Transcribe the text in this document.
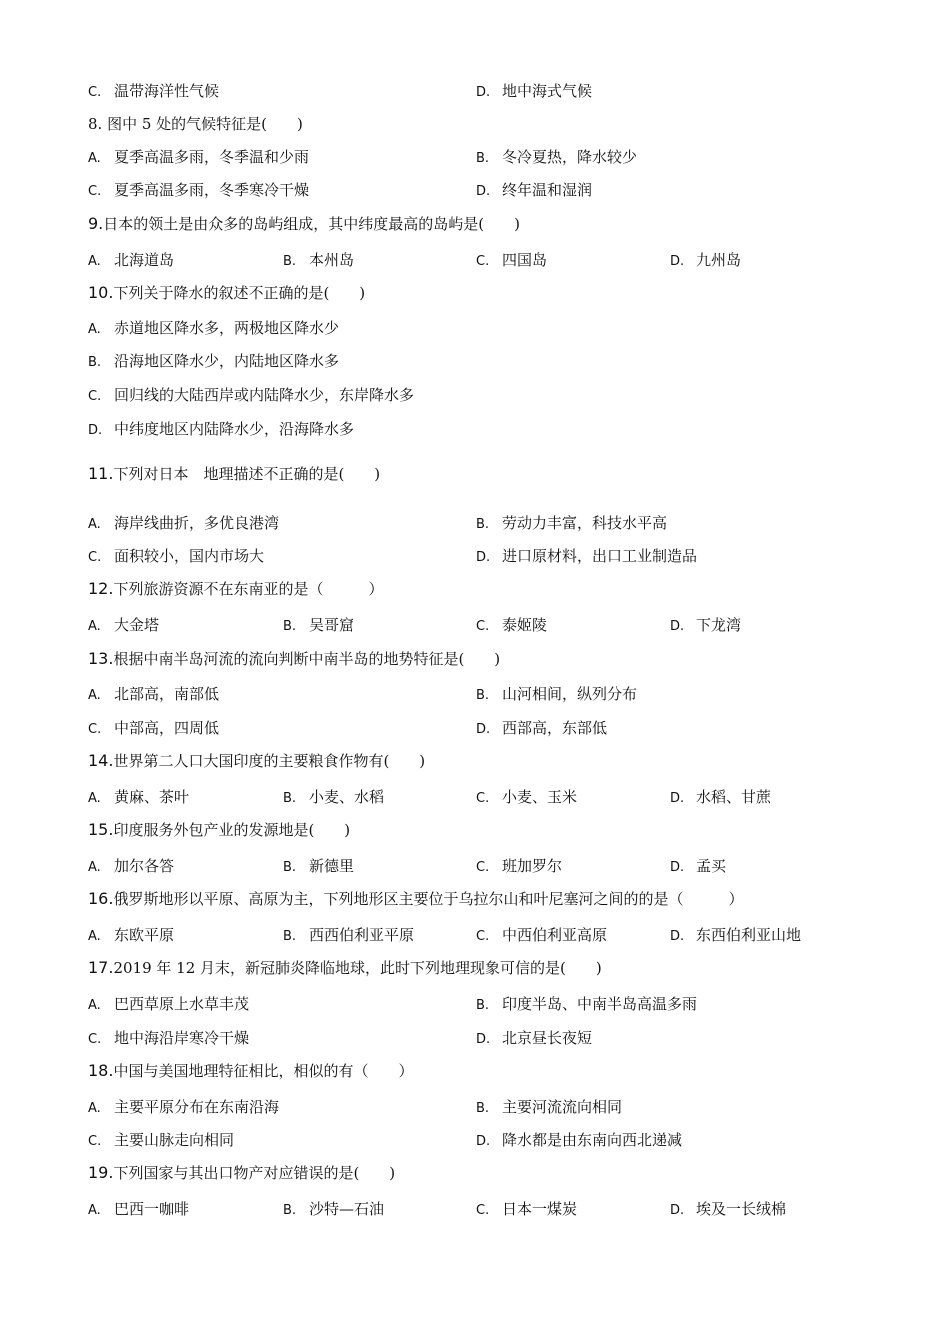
C. 温带海洋性气候	D. 地中海式气候
8. 图中 5 处的气候特征是(　　)
A. 夏季高温多雨，冬季温和少雨	B. 冬冷夏热，降水较少
C. 夏季高温多雨，冬季寒冷干燥	D. 终年温和湿润
9.日本的领土是由众多的岛屿组成，其中纬度最高的岛屿是(　　)
A. 北海道岛	B. 本州岛	C. 四国岛	D. 九州岛
10.下列关于降水的叙述不正确的是(　　)
A. 赤道地区降水多，两极地区降水少
B. 沿海地区降水少，内陆地区降水多
C. 回归线的大陆西岸或内陆降水少，东岸降水多
D. 中纬度地区内陆降水少，沿海降水多
11.下列对日本　地理描述不正确的是(　　)
A. 海岸线曲折，多优良港湾	B. 劳动力丰富，科技水平高
C. 面积较小，国内市场大	D. 进口原材料，出口工业制造品
12.下列旅游资源不在东南亚的是（　　　）
A. 大金塔	B. 吴哥窟	C. 泰姬陵	D. 下龙湾
13.根据中南半岛河流的流向判断中南半岛的地势特征是(　　)
A. 北部高，南部低	B. 山河相间，纵列分布
C. 中部高，四周低	D. 西部高，东部低
14.世界第二人口大国印度的主要粮食作物有(　　)
A. 黄麻、茶叶	B. 小麦、水稻	C. 小麦、玉米	D. 水稻、甘蔗
15.印度服务外包产业的发源地是(　　)
A. 加尔各答	B. 新德里	C. 班加罗尔	D. 孟买
16.俄罗斯地形以平原、高原为主，下列地形区主要位于乌拉尔山和叶尼塞河之间的的是（　　　）
A. 东欧平原	B. 西西伯利亚平原	C. 中西伯利亚高原	D. 东西伯利亚山地
17.2019 年 12 月末，新冠肺炎降临地球，此时下列地理现象可信的是(　　)
A. 巴西草原上水草丰茂	B. 印度半岛、中南半岛高温多雨
C. 地中海沿岸寒冷干燥	D. 北京昼长夜短
18.中国与美国地理特征相比，相似的有（　　）
A. 主要平原分布在东南沿海	B. 主要河流流向相同
C. 主要山脉走向相同	D. 降水都是由东南向西北递减
19.下列国家与其出口物产对应错误的是(　　)
A. 巴西一咖啡	B. 沙特—石油	C. 日本一煤炭	D. 埃及一长绒棉
